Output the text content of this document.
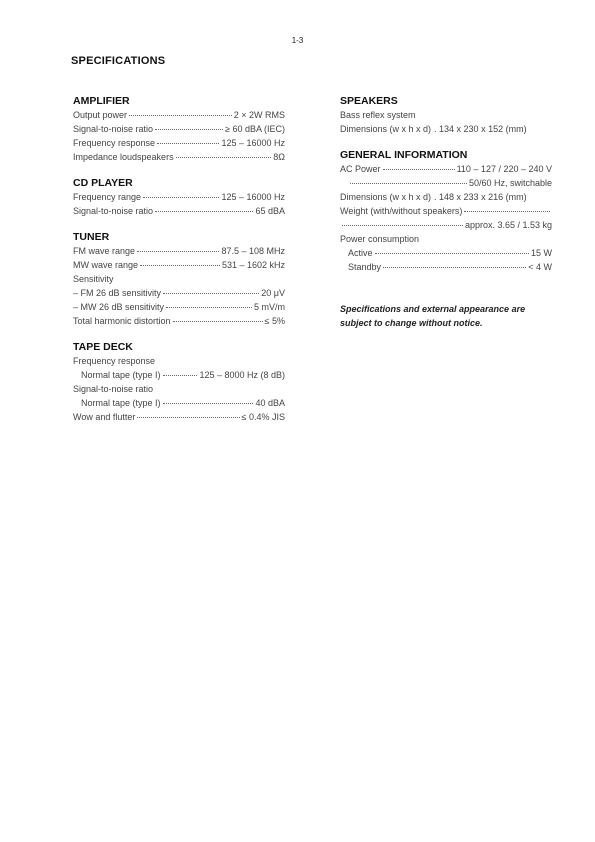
1-3
SPECIFICATIONS
AMPLIFIER
Output power	2 × 2W RMS
Signal-to-noise ratio	≥ 60 dBA (IEC)
Frequency response	125 – 16000 Hz
Impedance loudspeakers	8Ω
CD PLAYER
Frequency range	125 – 16000 Hz
Signal-to-noise ratio	65 dBA
TUNER
FM wave range	87.5 – 108 MHz
MW wave range	531 – 1602 kHz
Sensitivity
– FM 26 dB sensitivity	20 μV
– MW 26 dB sensitivity	5 mV/m
Total harmonic distortion	≤ 5%
TAPE DECK
Frequency response
Normal tape (type I)	125 – 8000 Hz (8 dB)
Signal-to-noise ratio
Normal tape (type I)	40 dBA
Wow and flutter	≤ 0.4% JIS
SPEAKERS
Bass reflex system
Dimensions (w x h x d) . 134 x 230 x 152 (mm)
GENERAL INFORMATION
AC Power	110 – 127 / 220 – 240 V
50/60 Hz, switchable
Dimensions (w x h x d) . 148 x 233 x 216 (mm)
Weight (with/without speakers)
approx. 3.65 / 1.53 kg
Power consumption
Active	15 W
Standby	< 4 W
Specifications and external appearance are subject to change without notice.
